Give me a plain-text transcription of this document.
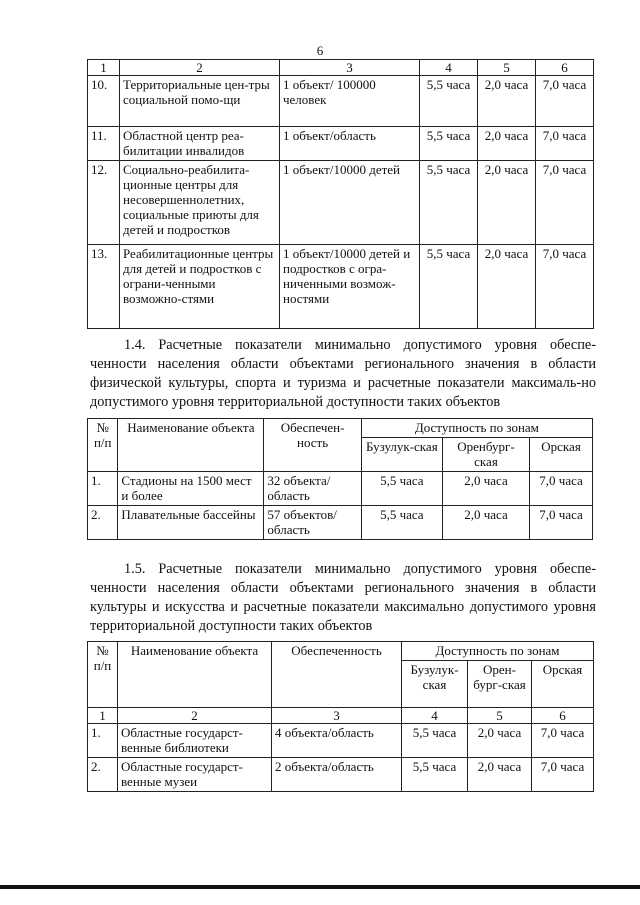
6
1	2	3	4	5	6
10.	Территориальные цен-тры социальной помо-щи	1 объект/ 100000 человек	5,5 часа	2,0 часа	7,0 часа
11.	Областной центр реа-билитации инвалидов	1 объект/область	5,5 часа	2,0 часа	7,0 часа
12.	Социально-реабилита-ционные центры для несовершеннолетних, социальные приюты для детей и подростков	1 объект/10000 детей	5,5 часа	2,0 часа	7,0 часа
13.	Реабилитационные центры для детей и подростков с ограни-ченными возможно-стями	1 объект/10000 детей и подростков с огра-ниченными возмож-ностями	5,5 часа	2,0 часа	7,0 часа

1.4. Расчетные показатели минимально допустимого уровня обеспе-ченности населения области объектами регионального значения в области физической культуры, спорта и туризма и расчетные показатели максималь-но допустимого уровня территориальной доступности таких объектов

№ п/п	Наименование объекта	Обеспечен-ность	Доступность по зонам		
			Бузулук-ская	Оренбург-ская	Орская
1.	Стадионы на 1500 мест и более	32 объекта/ область	5,5 часа	2,0 часа	7,0 часа
2.	Плавательные бассейны	57 объектов/ область	5,5 часа	2,0 часа	7,0 часа

1.5. Расчетные показатели минимально допустимого уровня обеспе-ченности населения области объектами регионального значения в области культуры и искусства и расчетные показатели максимально допустимого уровня территориальной доступности таких объектов

№ п/п	Наименование объекта	Обеспеченность	Доступность по зонам		
			Бузулук-ская	Орен-бург-ская	Орская
1	2	3	4	5	6
1.	Областные государст-венные библиотеки	4 объекта/область	5,5 часа	2,0 часа	7,0 часа
2.	Областные государст-венные музеи	2 объекта/область	5,5 часа	2,0 часа	7,0 часа
